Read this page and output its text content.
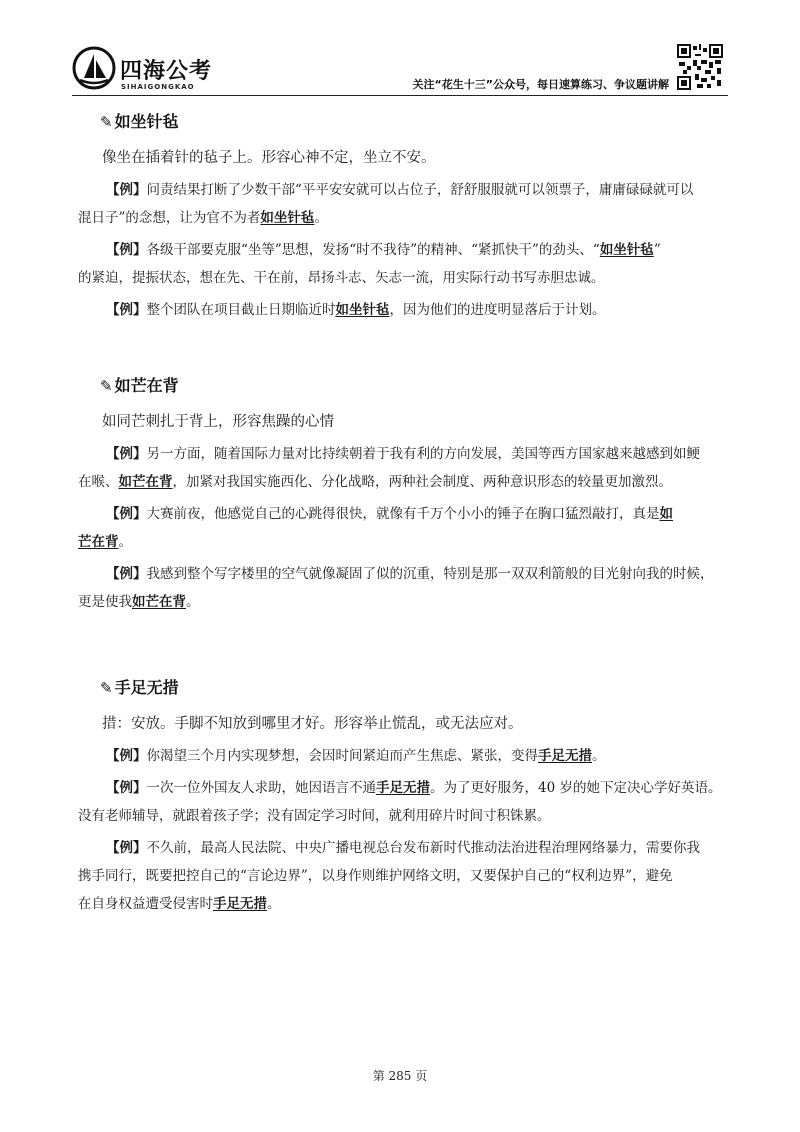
四海公考
SIHAIGONGKAO	关注“花生十三”公众号，每日速算练习、争议题讲解
✎ 如坐针毡
像坐在插着针的毡子上。形容心神不定，坐立不安。
【例】问责结果打断了少数干部“平平安安就可以占位子，舒舒服服就可以领票子，庸庸碌碌就可以
混日子”的念想，让为官不为者如坐针毡。
【例】各级干部要克服“坐等”思想，发扬“时不我待”的精神、“紧抓快干”的劲头、“如坐针毡”
的紧迫，提振状态，想在先、干在前，昂扬斗志、矢志一流，用实际行动书写赤胆忠诚。
【例】整个团队在项目截止日期临近时如坐针毡，因为他们的进度明显落后于计划。
✎ 如芒在背
如同芒刺扎于背上，形容焦躁的心情
【例】另一方面，随着国际力量对比持续朝着于我有利的方向发展，美国等西方国家越来越感到如鲠
在喉、如芒在背，加紧对我国实施西化、分化战略，两种社会制度、两种意识形态的较量更加激烈。
【例】大赛前夜，他感觉自己的心跳得很快，就像有千万个小小的锤子在胸口猛烈敲打，真是如
芒在背。
【例】我感到整个写字楼里的空气就像凝固了似的沉重，特别是那一双双利箭般的目光射向我的时候，
更是使我如芒在背。
✎ 手足无措
措：安放。手脚不知放到哪里才好。形容举止慌乱，或无法应对。
【例】你渴望三个月内实现梦想，会因时间紧迫而产生焦虑、紧张，变得手足无措。
【例】一次一位外国友人求助，她因语言不通手足无措。为了更好服务，40 岁的她下定决心学好英语。
没有老师辅导，就跟着孩子学；没有固定学习时间，就利用碎片时间寸积铢累。
【例】不久前，最高人民法院、中央广播电视总台发布新时代推动法治进程治理网络暴力，需要你我
携手同行，既要把控自己的“言论边界”，以身作则维护网络文明，又要保护自己的“权利边界”，避免
在自身权益遭受侵害时手足无措。
第 285 页
